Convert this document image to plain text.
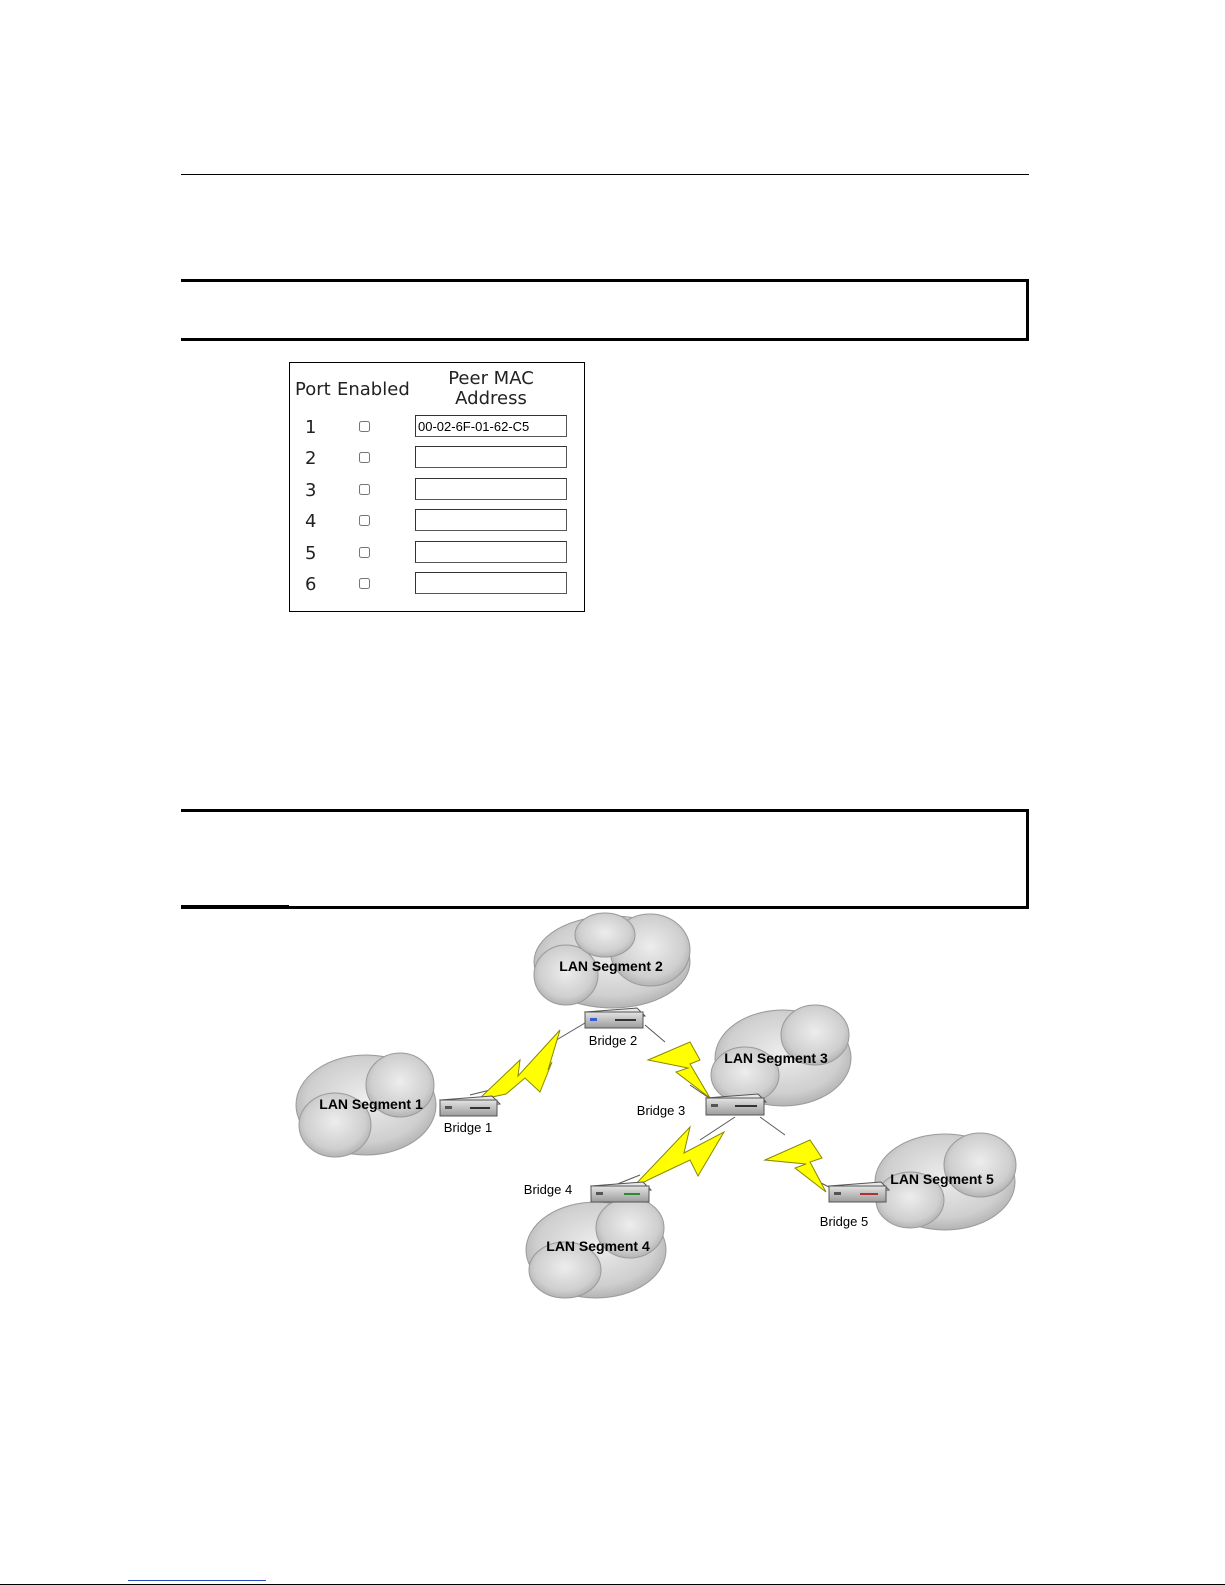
Port Enabled
Peer MAC
Address
1
00-02-6F-01-62-C5
2
3
4
5
6
LAN Segment 2
LAN Segment 3
LAN Segment 1
LAN Segment 4
LAN Segment 5
Bridge 1
Bridge 2
Bridge 3
Bridge 4
Bridge 5
